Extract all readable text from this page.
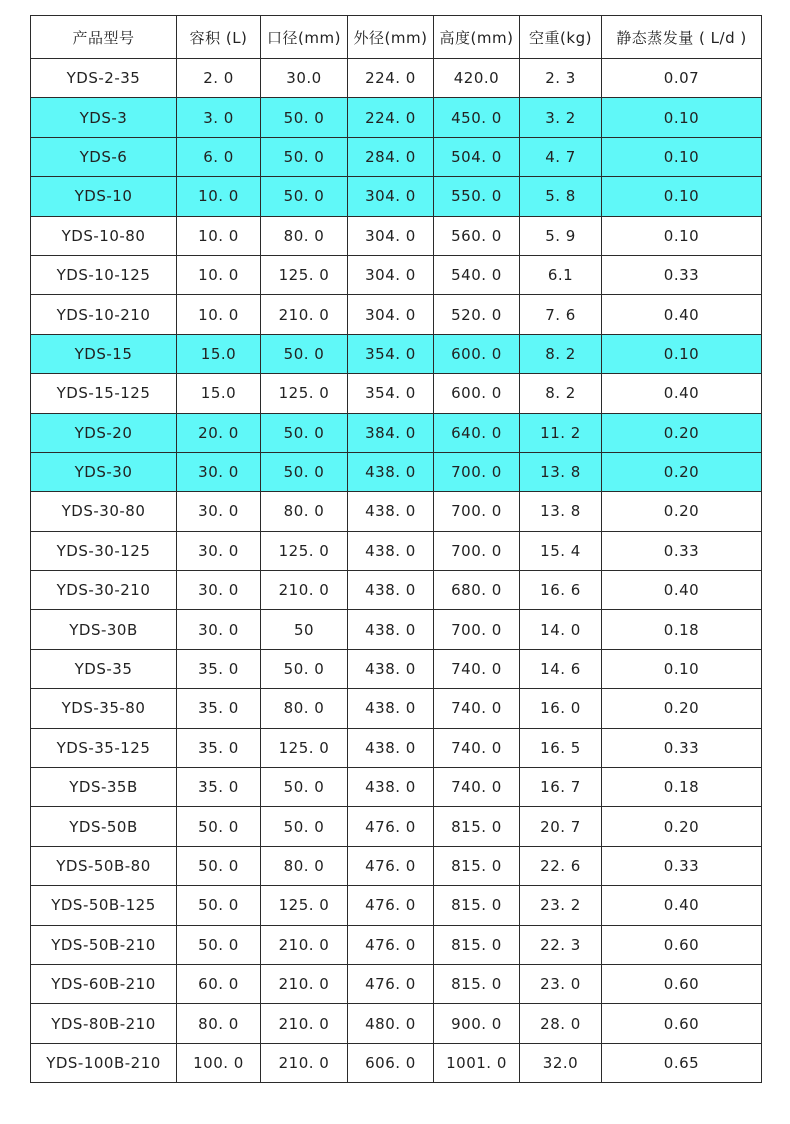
产品型号	容积 (L)	口径(mm)	外径(mm)	高度(mm)	空重(kg)	静态蒸发量 ( L/d )
YDS-2-35	2. 0	30.0	224. 0	420.0	2. 3	0.07
YDS-3	3. 0	50. 0	224. 0	450. 0	3. 2	0.10
YDS-6	6. 0	50. 0	284. 0	504. 0	4. 7	0.10
YDS-10	10. 0	50. 0	304. 0	550. 0	5. 8	0.10
YDS-10-80	10. 0	80. 0	304. 0	560. 0	5. 9	0.10
YDS-10-125	10. 0	125. 0	304. 0	540. 0	6.1	0.33
YDS-10-210	10. 0	210. 0	304. 0	520. 0	7. 6	0.40
YDS-15	15.0	50. 0	354. 0	600. 0	8. 2	0.10
YDS-15-125	15.0	125. 0	354. 0	600. 0	8. 2	0.40
YDS-20	20. 0	50. 0	384. 0	640. 0	11. 2	0.20
YDS-30	30. 0	50. 0	438. 0	700. 0	13. 8	0.20
YDS-30-80	30. 0	80. 0	438. 0	700. 0	13. 8	0.20
YDS-30-125	30. 0	125. 0	438. 0	700. 0	15. 4	0.33
YDS-30-210	30. 0	210. 0	438. 0	680. 0	16. 6	0.40
YDS-30B	30. 0	50	438. 0	700. 0	14. 0	0.18
YDS-35	35. 0	50. 0	438. 0	740. 0	14. 6	0.10
YDS-35-80	35. 0	80. 0	438. 0	740. 0	16. 0	0.20
YDS-35-125	35. 0	125. 0	438. 0	740. 0	16. 5	0.33
YDS-35B	35. 0	50. 0	438. 0	740. 0	16. 7	0.18
YDS-50B	50. 0	50. 0	476. 0	815. 0	20. 7	0.20
YDS-50B-80	50. 0	80. 0	476. 0	815. 0	22. 6	0.33
YDS-50B-125	50. 0	125. 0	476. 0	815. 0	23. 2	0.40
YDS-50B-210	50. 0	210. 0	476. 0	815. 0	22. 3	0.60
YDS-60B-210	60. 0	210. 0	476. 0	815. 0	23. 0	0.60
YDS-80B-210	80. 0	210. 0	480. 0	900. 0	28. 0	0.60
YDS-100B-210	100. 0	210. 0	606. 0	1001. 0	32.0	0.65
